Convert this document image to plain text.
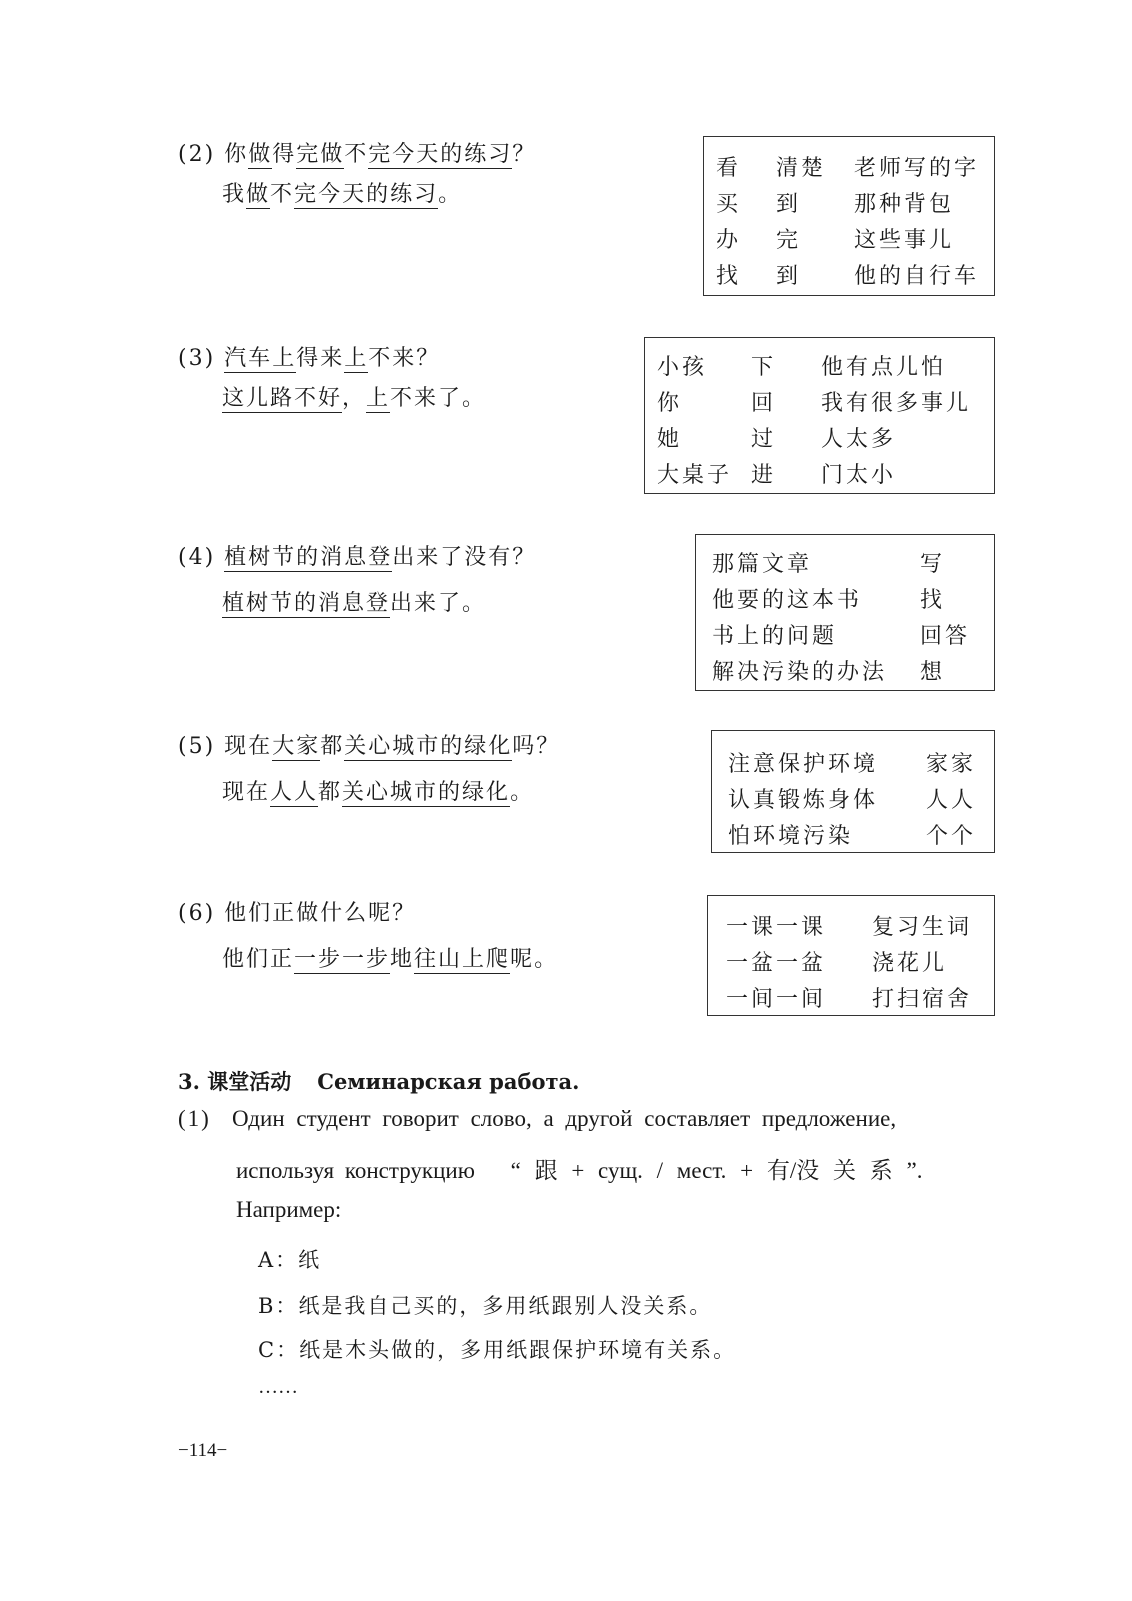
(2) 你做得完做不完今天的练习？
我做不完今天的练习。
看 清楚 老师写的字
买 到 那种背包
办 完 这些事儿
找 到 他的自行车
(3) 汽车上得来上不来？
这儿路不好，上不来了。
小孩 下 他有点儿怕
你	回 我有很多事儿
她	过 人太多
大桌子 进 门太小
(4) 植树节的消息登出来了没有？
植树节的消息登出来了。
那篇文章	写
他要的这本书	找
书上的问题	回答
解决污染的办法 想
(5) 现在大家都关心城市的绿化吗？
现在人人都关心城市的绿化。
注意保护环境 家家
认真锻炼身体 人人
怕环境污染	个个
(6) 他们正做什么呢？
他们正一步一步地往山上爬呢。
一课一课 复习生词
一盆一盆 浇花儿
一间一间 打扫宿舍
3. 课堂活动 Семинарская работа.
(1) Один студент говорит слово, а другой составляет предложение,
используя конструкцию “ 跟 + сущ. / мест. + 有/没 关 系 ”.
Например:
A：纸
B：纸是我自己买的，多用纸跟别人没关系。
C：纸是木头做的，多用纸跟保护环境有关系。
……
−114−
